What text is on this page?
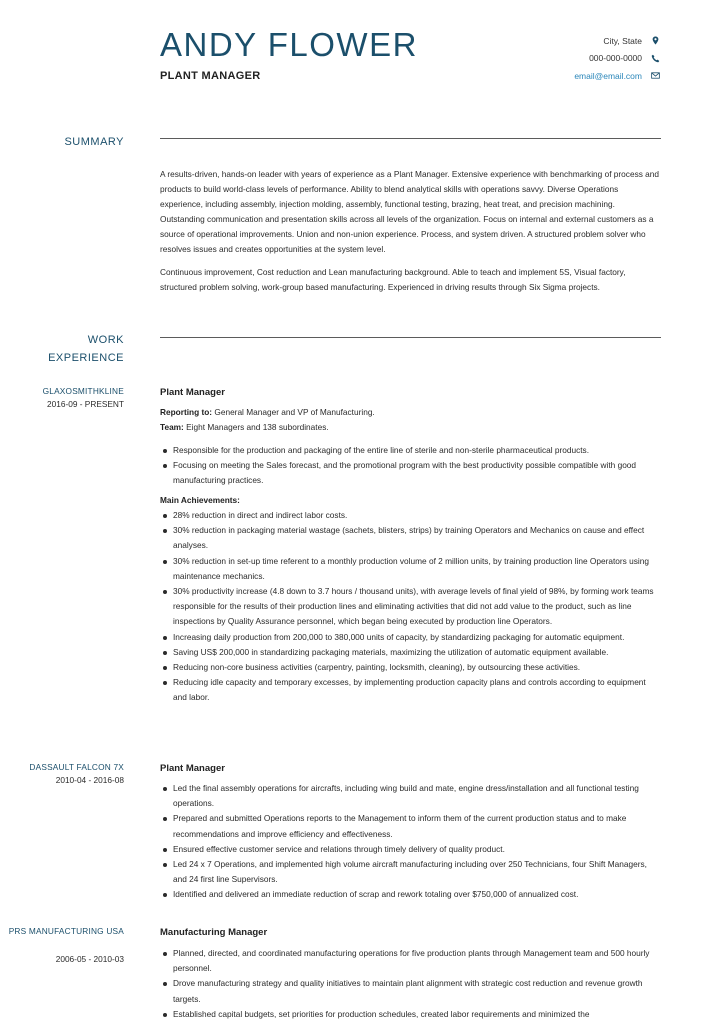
ANDY FLOWER
PLANT MANAGER
City, State
000-000-0000
email@email.com
SUMMARY
A results-driven, hands-on leader with years of experience as a Plant Manager. Extensive experience with benchmarking of process and products to build world-class levels of performance. Ability to blend analytical skills with operations savvy. Diverse Operations experience, including assembly, injection molding, assembly, functional testing, brazing, heat treat, and precision machining. Outstanding communication and presentation skills across all levels of the organization. Focus on internal and external customers as a source of operational improvements. Union and non-union experience. Process, and system driven. A structured problem solver who resolves issues and creates opportunities at the system level.
Continuous improvement, Cost reduction and Lean manufacturing background. Able to teach and implement 5S, Visual factory, structured problem solving, work-group based manufacturing. Experienced in driving results through Six Sigma projects.
WORK
EXPERIENCE
GLAXOSMITHKLINE
2016-09 - PRESENT
Plant Manager
Reporting to: General Manager and VP of Manufacturing.
Team: Eight Managers and 138 subordinates.
Responsible for the production and packaging of the entire line of sterile and non-sterile pharmaceutical products.
Focusing on meeting the Sales forecast, and the promotional program with the best productivity possible compatible with good manufacturing practices.
Main Achievements:
28% reduction in direct and indirect labor costs.
30% reduction in packaging material wastage (sachets, blisters, strips) by training Operators and Mechanics on cause and effect analyses.
30% reduction in set-up time referent to a monthly production volume of 2 million units, by training production line Operators using maintenance mechanics.
30% productivity increase (4.8 down to 3.7 hours / thousand units), with average levels of final yield of 98%, by forming work teams responsible for the results of their production lines and eliminating activities that did not add value to the product, such as line inspections by Quality Assurance personnel, which began being executed by production line Operators.
Increasing daily production from 200,000 to 380,000 units of capacity, by standardizing packaging for automatic equipment.
Saving US$ 200,000 in standardizing packaging materials, maximizing the utilization of automatic equipment available.
Reducing non-core business activities (carpentry, painting, locksmith, cleaning), by outsourcing these activities.
Reducing idle capacity and temporary excesses, by implementing production capacity plans and controls according to equipment and labor.
DASSAULT FALCON 7X
2010-04 - 2016-08
Plant Manager
Led the final assembly operations for aircrafts, including wing build and mate, engine dress/installation and all functional testing operations.
Prepared and submitted Operations reports to the Management to inform them of the current production status and to make recommendations and improve efficiency and effectiveness.
Ensured effective customer service and relations through timely delivery of quality product.
Led 24 x 7 Operations, and implemented high volume aircraft manufacturing including over 250 Technicians, four Shift Managers, and 24 first line Supervisors.
Identified and delivered an immediate reduction of scrap and rework totaling over $750,000 of annualized cost.
PRS MANUFACTURING USA
2006-05 - 2010-03
Manufacturing Manager
Planned, directed, and coordinated manufacturing operations for five production plants through Management team and 500 hourly personnel.
Drove manufacturing strategy and quality initiatives to maintain plant alignment with strategic cost reduction and revenue growth targets.
Established capital budgets, set priorities for production schedules, created labor requirements and minimized the
